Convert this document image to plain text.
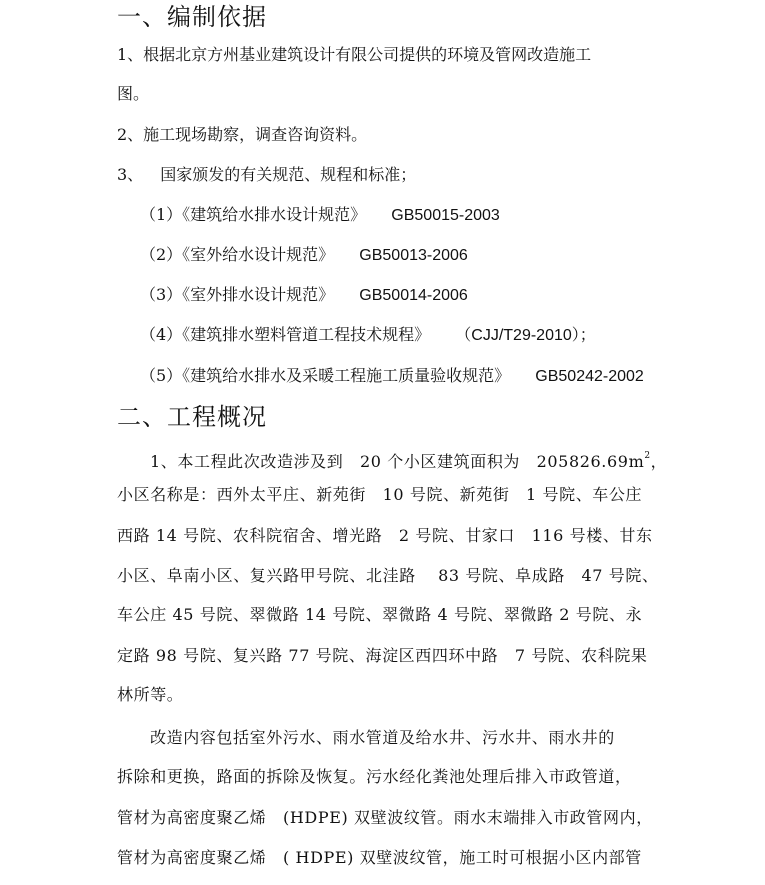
一、编制依据
1、根据北京方州基业建筑设计有限公司提供的环境及管网改造施工
图。
2、施工现场勘察，调查咨询资料。
3、 国家颁发的有关规范、规程和标准；
（1）《建筑给水排水设计规范》 GB50015-2003
（2）《室外给水设计规范》 GB50013-2006
（3）《室外排水设计规范》 GB50014-2006
（4）《建筑排水塑料管道工程技术规程》 （CJJ/T29-2010）；
（5）《建筑给水排水及采暖工程施工质量验收规范》 GB50242-2002
二、工程概况
1、本工程此次改造涉及到　20 个小区建筑面积为　$205826.69m^2$，
小区名称是：西外太平庄、新苑街　10 号院、新苑街　1 号院、车公庄
西路 14 号院、农科院宿舍、增光路　2 号院、甘家口　116 号楼、甘东
小区、阜南小区、复兴路甲号院、北洼路　 83 号院、阜成路　47 号院、
车公庄 45 号院、翠微路 14 号院、翠微路 4 号院、翠微路 2 号院、永
定路 98 号院、复兴路 77 号院、海淀区西四环中路　7 号院、农科院果
林所等。
改造内容包括室外污水、雨水管道及给水井、污水井、雨水井的
拆除和更换，路面的拆除及恢复。污水经化粪池处理后排入市政管道，
管材为高密度聚乙烯　(HDPE) 双壁波纹管。雨水末端排入市政管网内，
管材为高密度聚乙烯　( HDPE) 双壁波纹管，施工时可根据小区内部管
